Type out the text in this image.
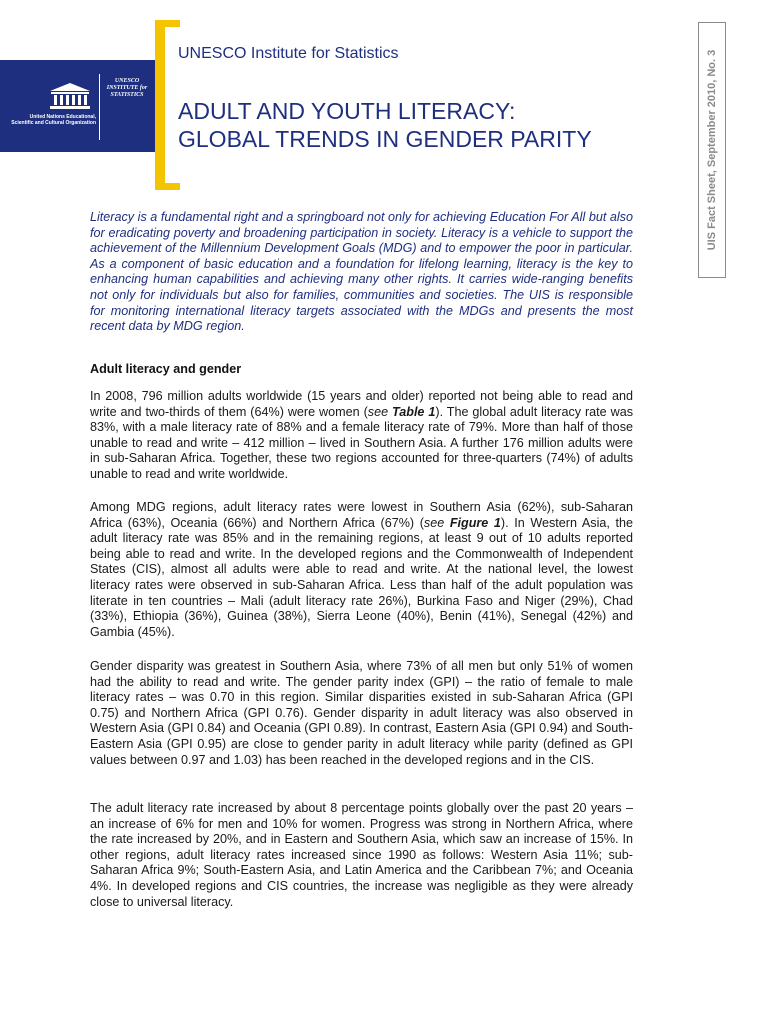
UNESCO INSTITUTE for STATISTICS
United Nations Educational, Scientific and Cultural Organization

UNESCO Institute for Statistics

ADULT AND YOUTH LITERACY:
GLOBAL TRENDS IN GENDER PARITY	UIS Fact Sheet, September 2010, No. 3

Literacy is a fundamental right and a springboard not only for achieving Education For All but also for eradicating poverty and broadening participation in society. Literacy is a vehicle to support the achievement of the Millennium Development Goals (MDG) and to empower the poor in particular. As a component of basic education and a foundation for lifelong learning, literacy is the key to enhancing human capabilities and achieving many other rights. It carries wide-ranging benefits not only for individuals but also for families, communities and societies. The UIS is responsible for monitoring international literacy targets associated with the MDGs and presents the most recent data by MDG region.

Adult literacy and gender

In 2008, 796 million adults worldwide (15 years and older) reported not being able to read and write and two-thirds of them (64%) were women (see Table 1). The global adult literacy rate was 83%, with a male literacy rate of 88% and a female literacy rate of 79%. More than half of those unable to read and write – 412 million – lived in Southern Asia. A further 176 million adults were in sub-Saharan Africa. Together, these two regions accounted for three-quarters (74%) of adults unable to read and write worldwide.

Among MDG regions, adult literacy rates were lowest in Southern Asia (62%), sub-Saharan Africa (63%), Oceania (66%) and Northern Africa (67%) (see Figure 1). In Western Asia, the adult literacy rate was 85% and in the remaining regions, at least 9 out of 10 adults reported being able to read and write. In the developed regions and the Commonwealth of Independent States (CIS), almost all adults were able to read and write. At the national level, the lowest literacy rates were observed in sub-Saharan Africa. Less than half of the adult population was literate in ten countries – Mali (adult literacy rate 26%), Burkina Faso and Niger (29%), Chad (33%), Ethiopia (36%), Guinea (38%), Sierra Leone (40%), Benin (41%), Senegal (42%) and Gambia (45%).

Gender disparity was greatest in Southern Asia, where 73% of all men but only 51% of women had the ability to read and write. The gender parity index (GPI) – the ratio of female to male literacy rates – was 0.70 in this region. Similar disparities existed in sub-Saharan Africa (GPI 0.75) and Northern Africa (GPI 0.76). Gender disparity in adult literacy was also observed in Western Asia (GPI 0.84) and Oceania (GPI 0.89). In contrast, Eastern Asia (GPI 0.94) and South-Eastern Asia (GPI 0.95) are close to gender parity in adult literacy while parity (defined as GPI values between 0.97 and 1.03) has been reached in the developed regions and in the CIS.

The adult literacy rate increased by about 8 percentage points globally over the past 20 years – an increase of 6% for men and 10% for women. Progress was strong in Northern Africa, where the rate increased by 20%, and in Eastern and Southern Asia, which saw an increase of 15%. In other regions, adult literacy rates increased since 1990 as follows: Western Asia 11%; sub-Saharan Africa 9%; South-Eastern Asia, and Latin America and the Caribbean 7%; and Oceania 4%. In developed regions and CIS countries, the increase was negligible as they were already close to universal literacy.
